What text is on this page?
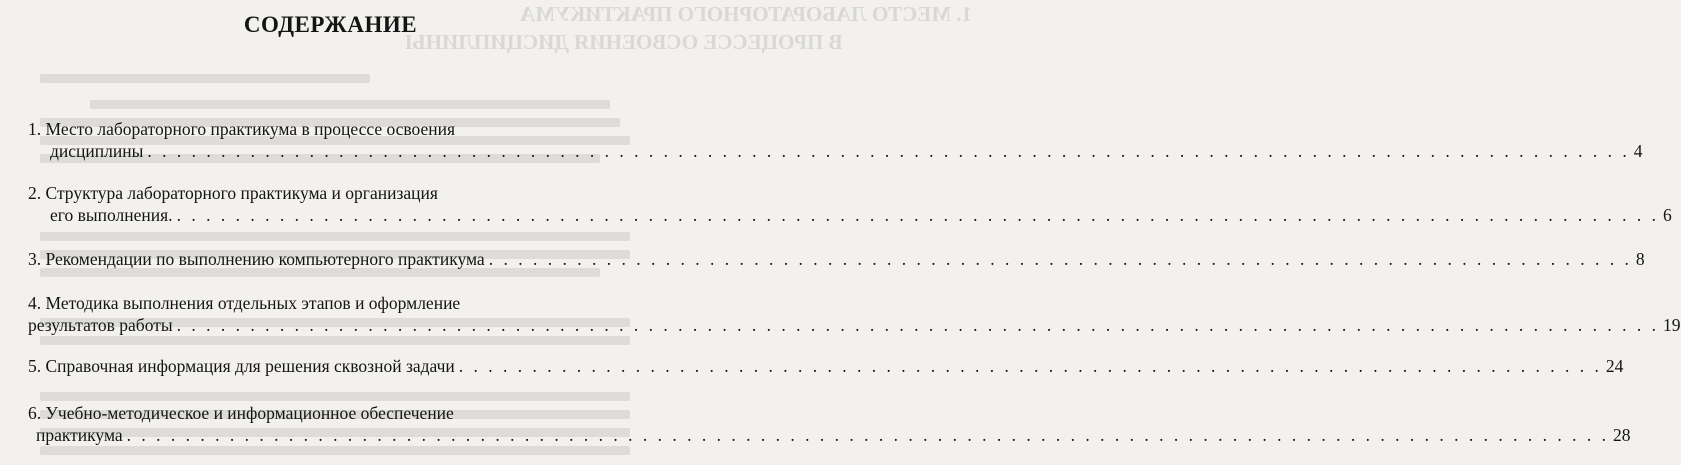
1. МЕСТО ЛАБОРАТОРНОГО ПРАКТИКУМА
В ПРОЦЕССЕ ОСВОЕНИЯ ДИСЦИПЛИНЫ
СОДЕРЖАНИЕ
1. Место лабораторного практикума в процессе освоения
дисциплины . . .	4
2. Структура лабораторного практикума и организация
его выполнения. . . .	6
3. Рекомендации по выполнению компьютерного практикума . . .	8
4. Методика выполнения отдельных этапов и оформление
результатов работы . . .	19
5. Справочная информация для решения сквозной задачи . . .	24
6. Учебно-методическое и информационное обеспечение
практикума . . .	28
